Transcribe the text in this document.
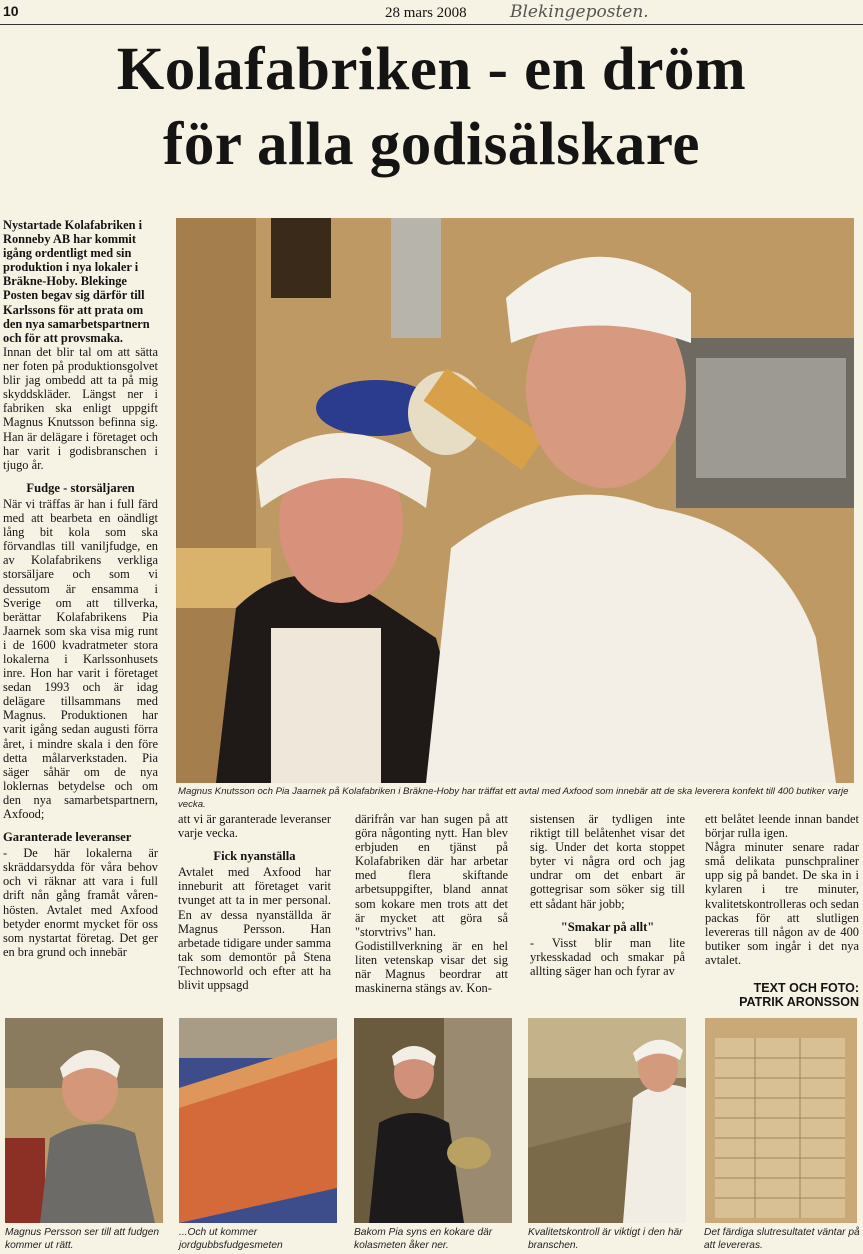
10	28 mars 2008	Blekingeposten.
Kolafabriken - en dröm
för alla godisälskare
Nystartade Kolafabriken i Ronneby AB har kommit igång ordentligt med sin produktion i nya lokaler i Bräkne-Hoby. Blekinge Posten begav sig därför till Karlssons för att prata om den nya samarbetspartnern och för att provsmaka.

Innan det blir tal om att sätta ner foten på produktionsgolvet blir jag ombedd att ta på mig skyddskläder. Längst ner i fabriken ska enligt uppgift Magnus Knutsson befinna sig. Han är delägare i företaget och har varit i godisbranschen i tjugo år.

Fudge - storsäljaren

När vi träffas är han i full färd med att bearbeta en oändligt lång bit kola som ska förvandlas till vaniljfudge, en av Kolafabrikens verkliga storsäljare och som vi dessutom är ensamma i Sverige om att tillverka, berättar Kolafabrikens Pia Jaarnek som ska visa mig runt i de 1600 kvadratmeter stora lokalerna i Karlssonhusets inre. Hon har varit i företaget sedan 1993 och är idag delägare tillsammans med Magnus. Produktionen har varit igång sedan augusti förra året, i mindre skala i den före detta målarverkstaden. Pia säger såhär om de nya loklernas betydelse och om den nya samarbetspartnern, Axfood;

Garanterade leveranser

- De här lokalerna är skräddarsydda för våra behov och vi räknar att vara i full drift nån gång framåt våren-hösten. Avtalet med Axfood betyder enormt mycket för oss som nystartat företag. Det ger en bra grund och innebär

Magnus Knutsson och Pia Jaarnek på Kolafabriken i Bräkne-Hoby har träffat ett avtal med Axfood som innebär att de ska leverera konfekt till 400 butiker varje vecka.

att vi är garanterade leveranser varje vecka.

Fick nyanställa

Avtalet med Axfood har inneburit att företaget varit tvunget att ta in mer personal. En av dessa nyanställda är Magnus Persson. Han arbetade tidigare under samma tak som demontör på Stena Technoworld och efter att ha blivit uppsagd

därifrån var han sugen på att göra någonting nytt. Han blev erbjuden en tjänst på Kolafabriken där har arbetar med flera skiftande arbetsuppgifter, bland annat som kokare men trots att det är mycket att göra så "storvtrivs" han.

Godistillverkning är en hel liten vetenskap visar det sig när Magnus beordrar att maskinerna stängs av. Kon-

sistensen är tydligen inte riktigt till belåtenhet visar det sig. Under det korta stoppet byter vi några ord och jag undrar om det enbart är gottegrisar som söker sig till ett sådant här jobb;

"Smakar på allt"

- Visst blir man lite yrkesskadad och smakar på allting säger han och fyrar av

ett belåtet leende innan bandet börjar rulla igen.

Några minuter senare radar små delikata punschpraliner upp sig på bandet. De ska in i kylaren i tre minuter, kvalitetskontrolleras och sedan packas för att slutligen levereras till någon av de 400 butiker som ingår i det nya avtalet.

TEXT OCH FOTO:
PATRIK ARONSSON
Magnus Persson ser till att fudgen kommer ut rätt.
...Och ut kommer jordgubbsfudgesmeten
Bakom Pia syns en kokare där kolasmeten åker ner.
Kvalitetskontroll är viktigt i den här branschen.
Det färdiga slutresultatet väntar på att levereras.
